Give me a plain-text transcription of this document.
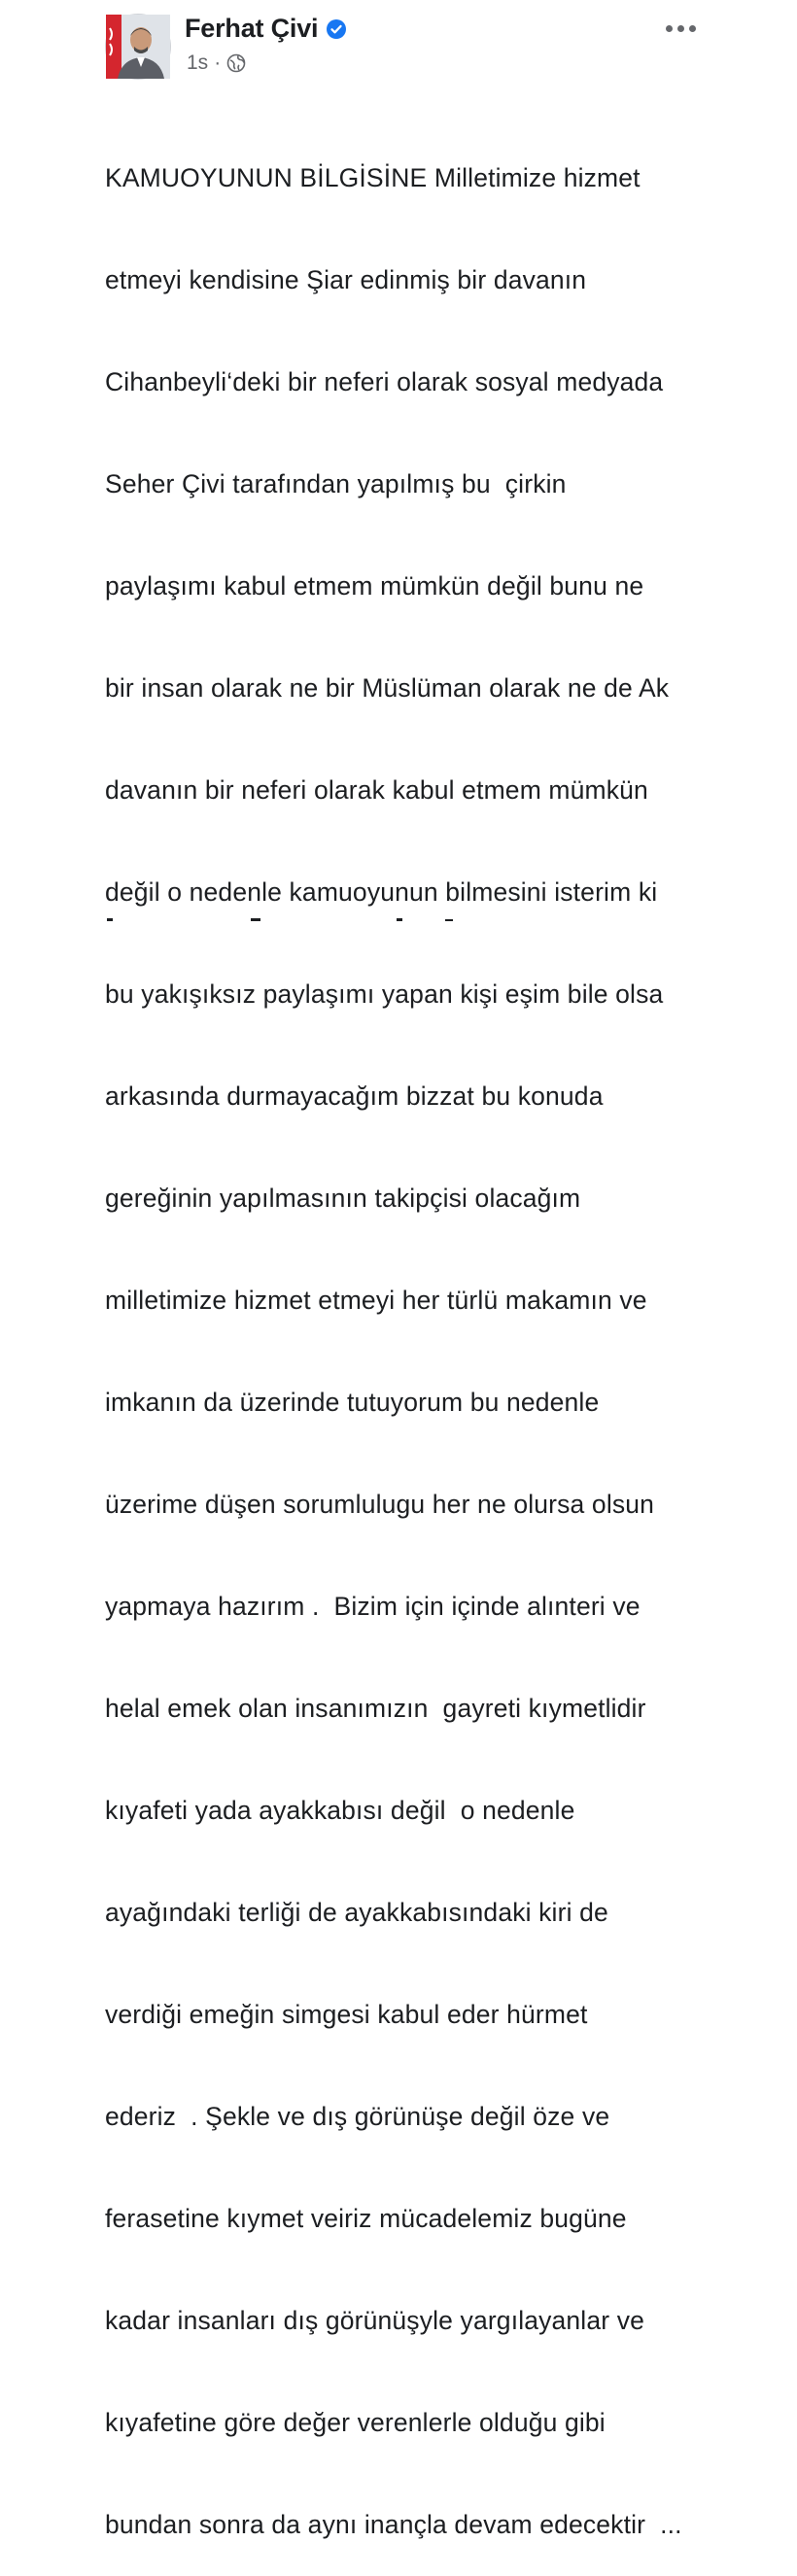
Ferhat Çivi
1s ·

KAMUOYUNUN BİLGİSİNE Milletimize hizmet

etmeyi kendisine Şiar edinmiş bir davanın

Cihanbeyli‘deki bir neferi olarak sosyal medyada

Seher Çivi tarafından yapılmış bu  çirkin

paylaşımı kabul etmem mümkün değil bunu ne

bir insan olarak ne bir Müslüman olarak ne de Ak

davanın bir neferi olarak kabul etmem mümkün

değil o nedenle kamuoyunun bilmesini isterim ki

bu yakışıksız paylaşımı yapan kişi eşim bile olsa

arkasında durmayacağım bizzat bu konuda

gereğinin yapılmasının takipçisi olacağım

milletimize hizmet etmeyi her türlü makamın ve

imkanın da üzerinde tutuyorum bu nedenle

üzerime düşen sorumlulugu her ne olursa olsun

yapmaya hazırım .  Bizim için içinde alınteri ve

helal emek olan insanımızın  gayreti kıymetlidir

kıyafeti yada ayakkabısı değil  o nedenle

ayağındaki terliği de ayakkabısındaki kiri de

verdiği emeğin simgesi kabul eder hürmet

ederiz  . Şekle ve dış görünüşe değil öze ve

ferasetine kıymet veiriz mücadelemiz bugüne

kadar insanları dış görünüşyle yargılayanlar ve

kıyafetine göre değer verenlerle olduğu gibi

bundan sonra da aynı inançla devam edecektir  ...
